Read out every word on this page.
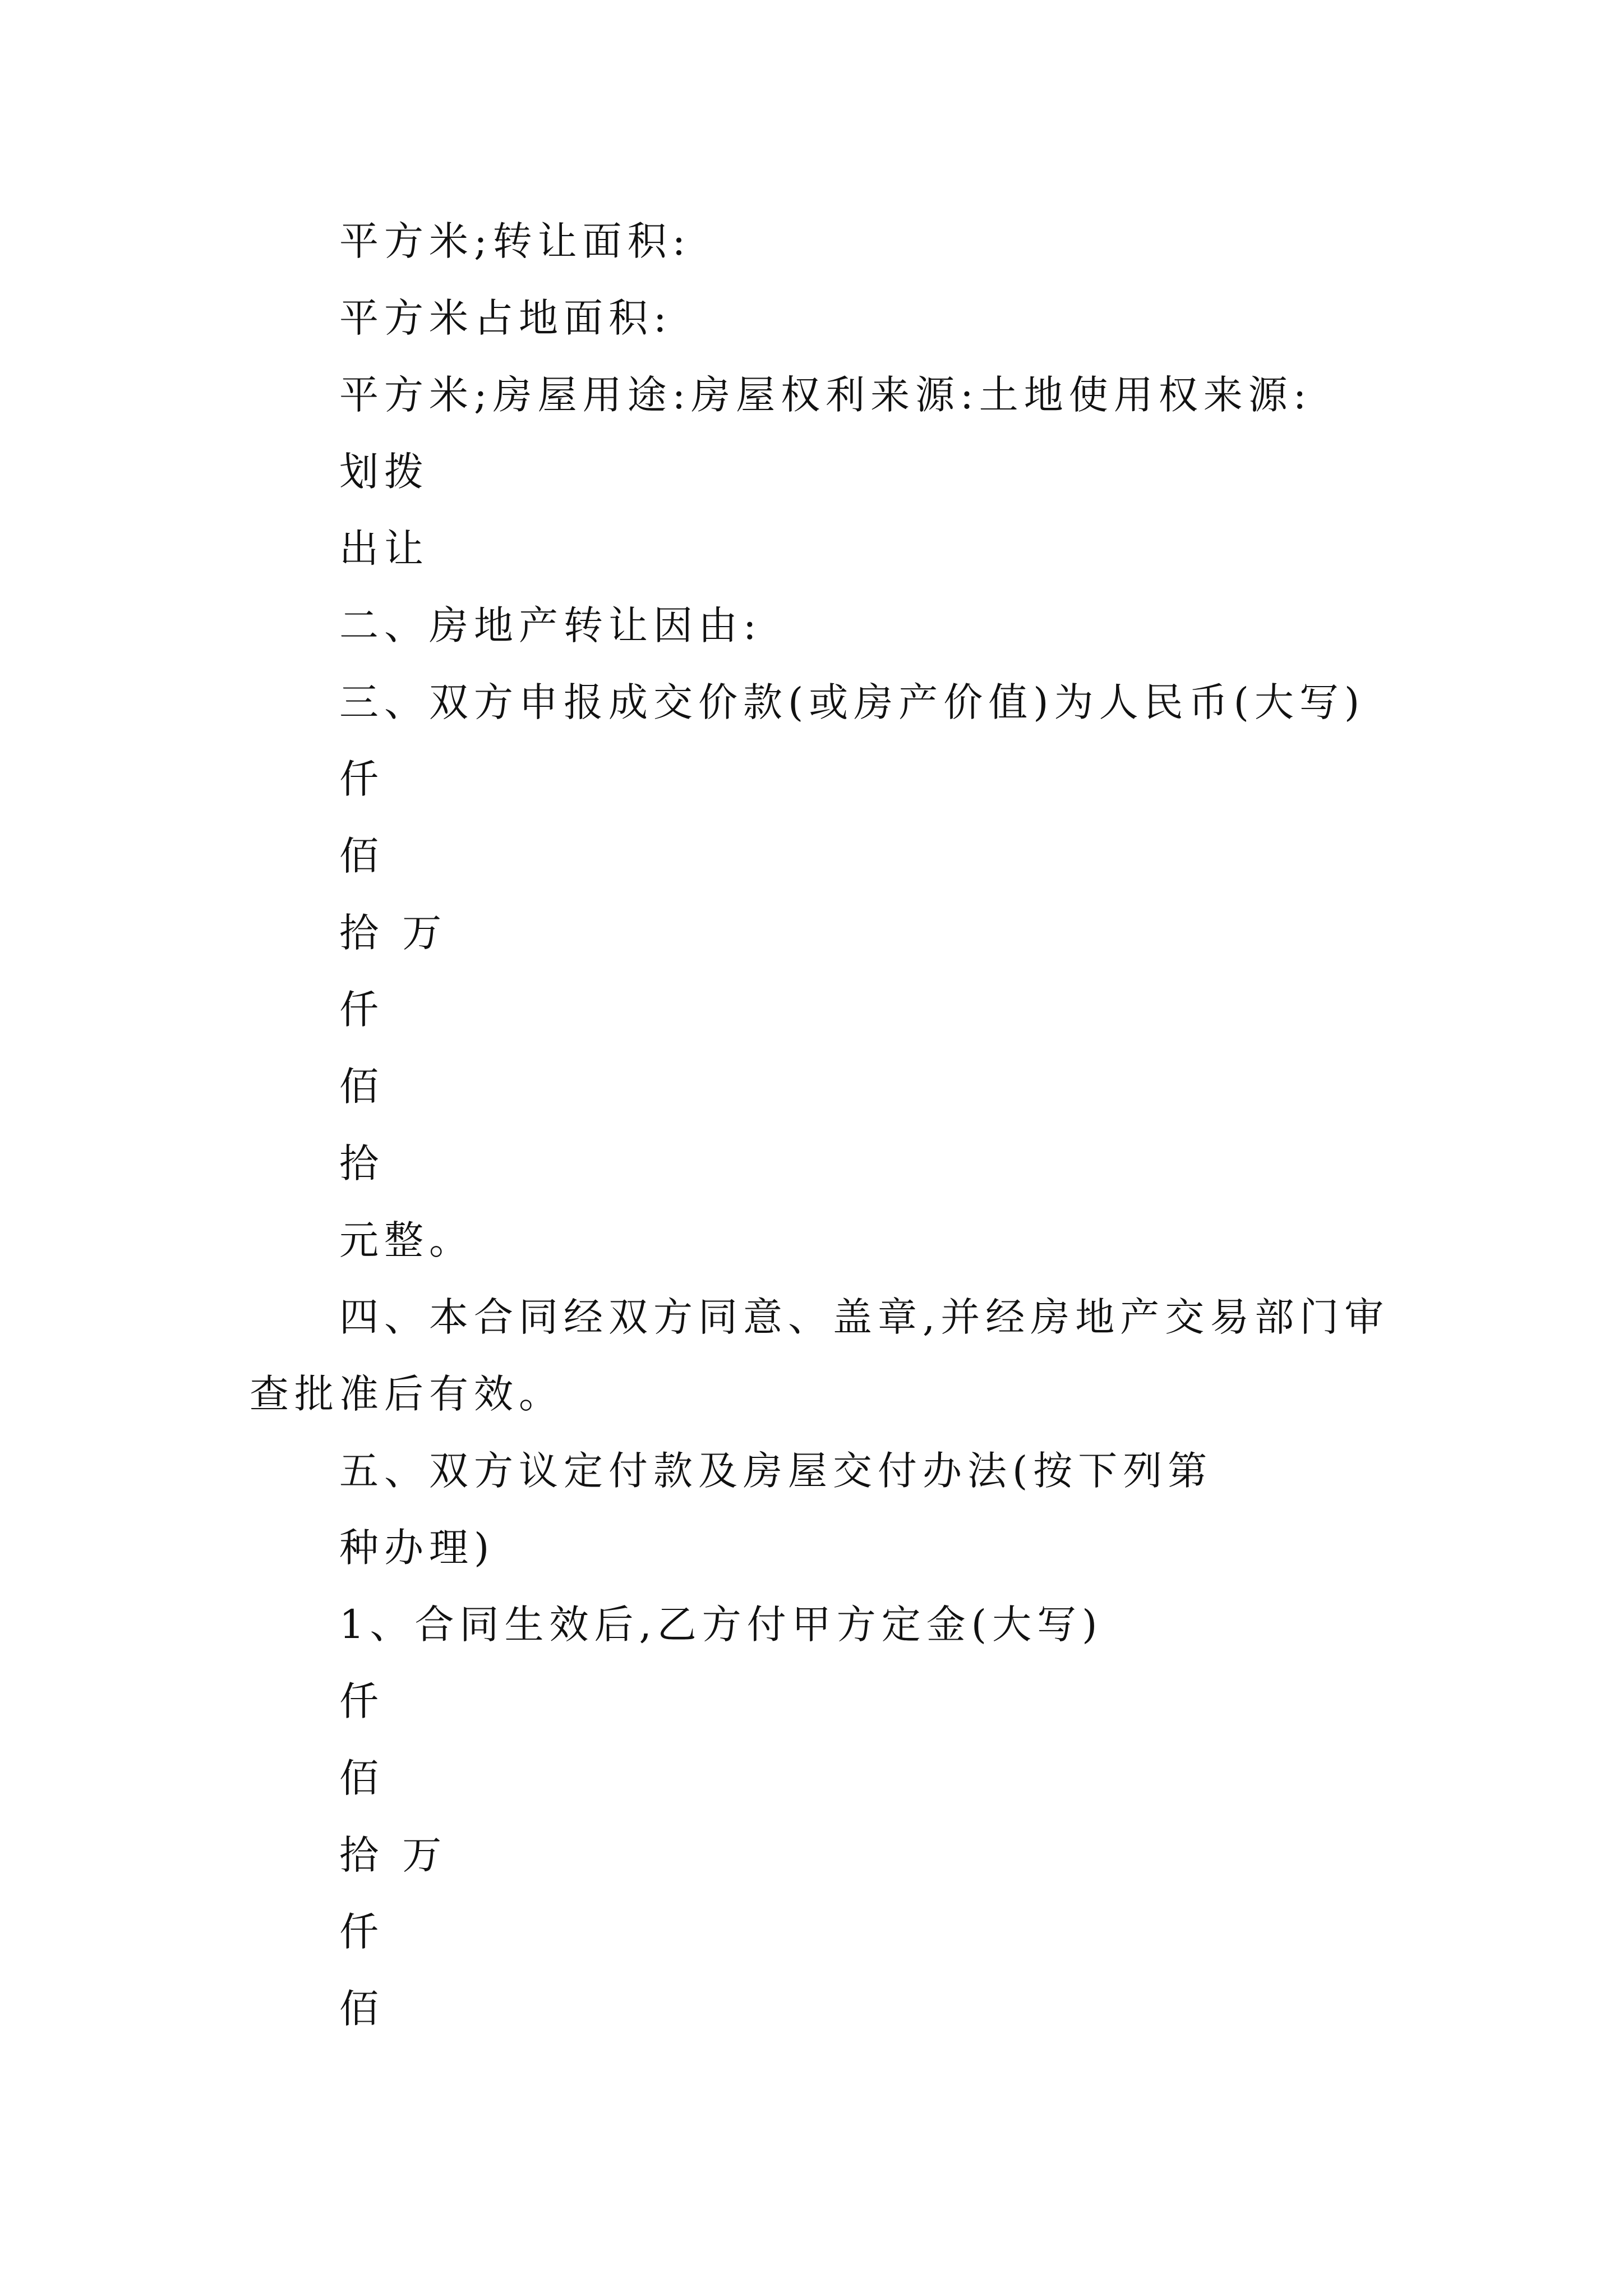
平方米;转让面积:
平方米占地面积:
平方米;房屋用途:房屋权利来源:土地使用权来源:
划拨
出让
二、房地产转让因由:
三、双方申报成交价款(或房产价值)为人民币(大写)
仟
佰
拾 万
仟
佰
拾
元整。
四、本合同经双方同意、盖章,并经房地产交易部门审
查批准后有效。
五、双方议定付款及房屋交付办法(按下列第
种办理)
1、合同生效后,乙方付甲方定金(大写)
仟
佰
拾 万
仟
佰
